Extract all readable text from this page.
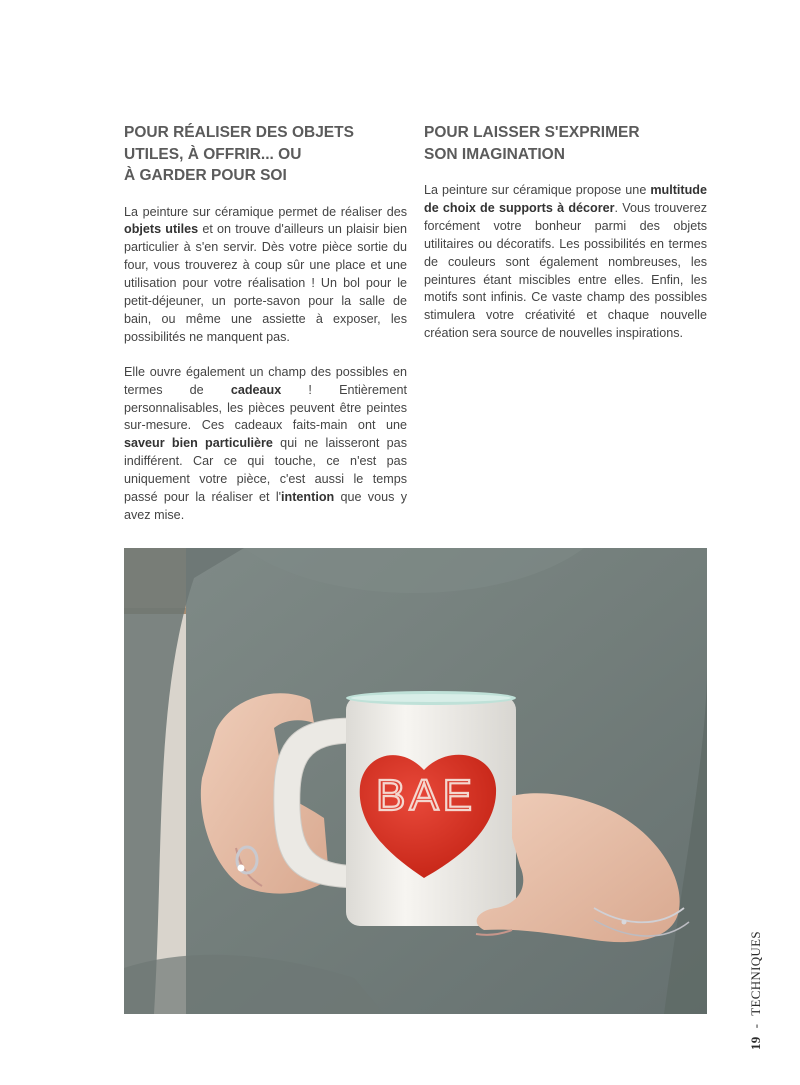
POUR RÉALISER DES OBJETS
UTILES, À OFFRIR... OU
À GARDER POUR SOI

La peinture sur céramique permet de réaliser des objets utiles et on trouve d'ailleurs un plaisir bien particulier à s'en servir. Dès votre pièce sortie du four, vous trouverez à coup sûr une place et une utilisation pour votre réalisation ! Un bol pour le petit-déjeuner, un porte-savon pour la salle de bain, ou même une assiette à exposer, les possibilités ne manquent pas.

Elle ouvre également un champ des possibles en termes de cadeaux ! Entièrement personnalisables, les pièces peuvent être peintes sur-mesure. Ces cadeaux faits-main ont une saveur bien particulière qui ne laisseront pas indifférent. Car ce qui touche, ce n'est pas uniquement votre pièce, c'est aussi le temps passé pour la réaliser et l'intention que vous y avez mise.

POUR LAISSER S'EXPRIMER
SON IMAGINATION

La peinture sur céramique propose une multitude de choix de supports à décorer. Vous trouverez forcément votre bonheur parmi des objets utilitaires ou décoratifs. Les possibilités en termes de couleurs sont également nombreuses, les peintures étant miscibles entre elles. Enfin, les motifs sont infinis. Ce vaste champ des possibles stimulera votre créativité et chaque nouvelle création sera source de nouvelles inspirations.

BAE
19-TECHNIQUES
